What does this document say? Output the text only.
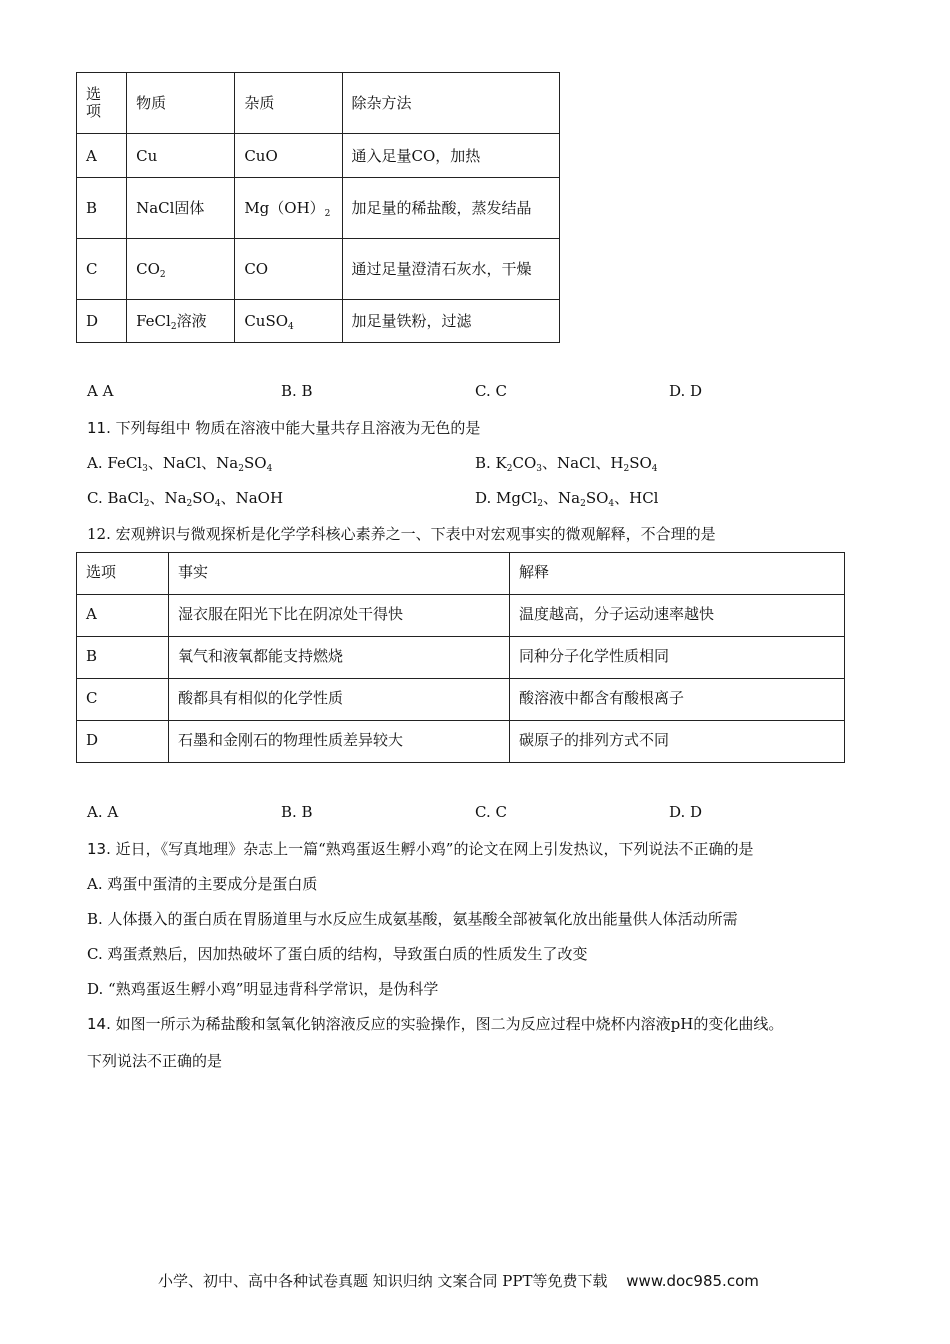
选项	物质	杂质	除杂方法
A	Cu	CuO	通入足量CO，加热
B	NaCl固体	$Mg(OH)_2$	加足量的稀盐酸，蒸发结晶
C	$CO_2$	CO	通过足量澄清石灰水，干燥
D	FeCl$_2$溶液	CuSO$_4$	加足量铁粉，过滤
A A	B. B	C. C	D. D
11. 下列每组中 物质在溶液中能大量共存且溶液为无色的是
A. FeCl$_3$、NaCl、$Na_2SO_4$	B. $K_2CO_3$、NaCl、$H_2SO_4$
C. BaCl$_2$、$Na_2SO_4$、NaOH	D. MgCl$_2$、$Na_2SO_4$、HCl
12. 宏观辨识与微观探析是化学学科核心素养之一、下表中对宏观事实的微观解释，不合理的是
选项	事实	解释
A	湿衣服在阳光下比在阴凉处干得快	温度越高，分子运动速率越快
B	氧气和液氧都能支持燃烧	同种分子化学性质相同
C	酸都具有相似的化学性质	酸溶液中都含有酸根离子
D	石墨和金刚石的物理性质差异较大	碳原子的排列方式不同
A. A	B. B	C. C	D. D
13. 近日，《写真地理》杂志上一篇“熟鸡蛋返生孵小鸡”的论文在网上引发热议，下列说法不正确的是
A. 鸡蛋中蛋清的主要成分是蛋白质
B. 人体摄入的蛋白质在胃肠道里与水反应生成氨基酸，氨基酸全部被氧化放出能量供人体活动所需
C. 鸡蛋煮熟后，因加热破坏了蛋白质的结构，导致蛋白质的性质发生了改变
D. “熟鸡蛋返生孵小鸡”明显违背科学常识，是伪科学
14. 如图一所示为稀盐酸和氢氧化钠溶液反应的实验操作，图二为反应过程中烧杯内溶液pH的变化曲线。
下列说法不正确的是
小学、初中、高中各种试卷真题 知识归纳 文案合同 PPT等免费下载 www.doc985.com
